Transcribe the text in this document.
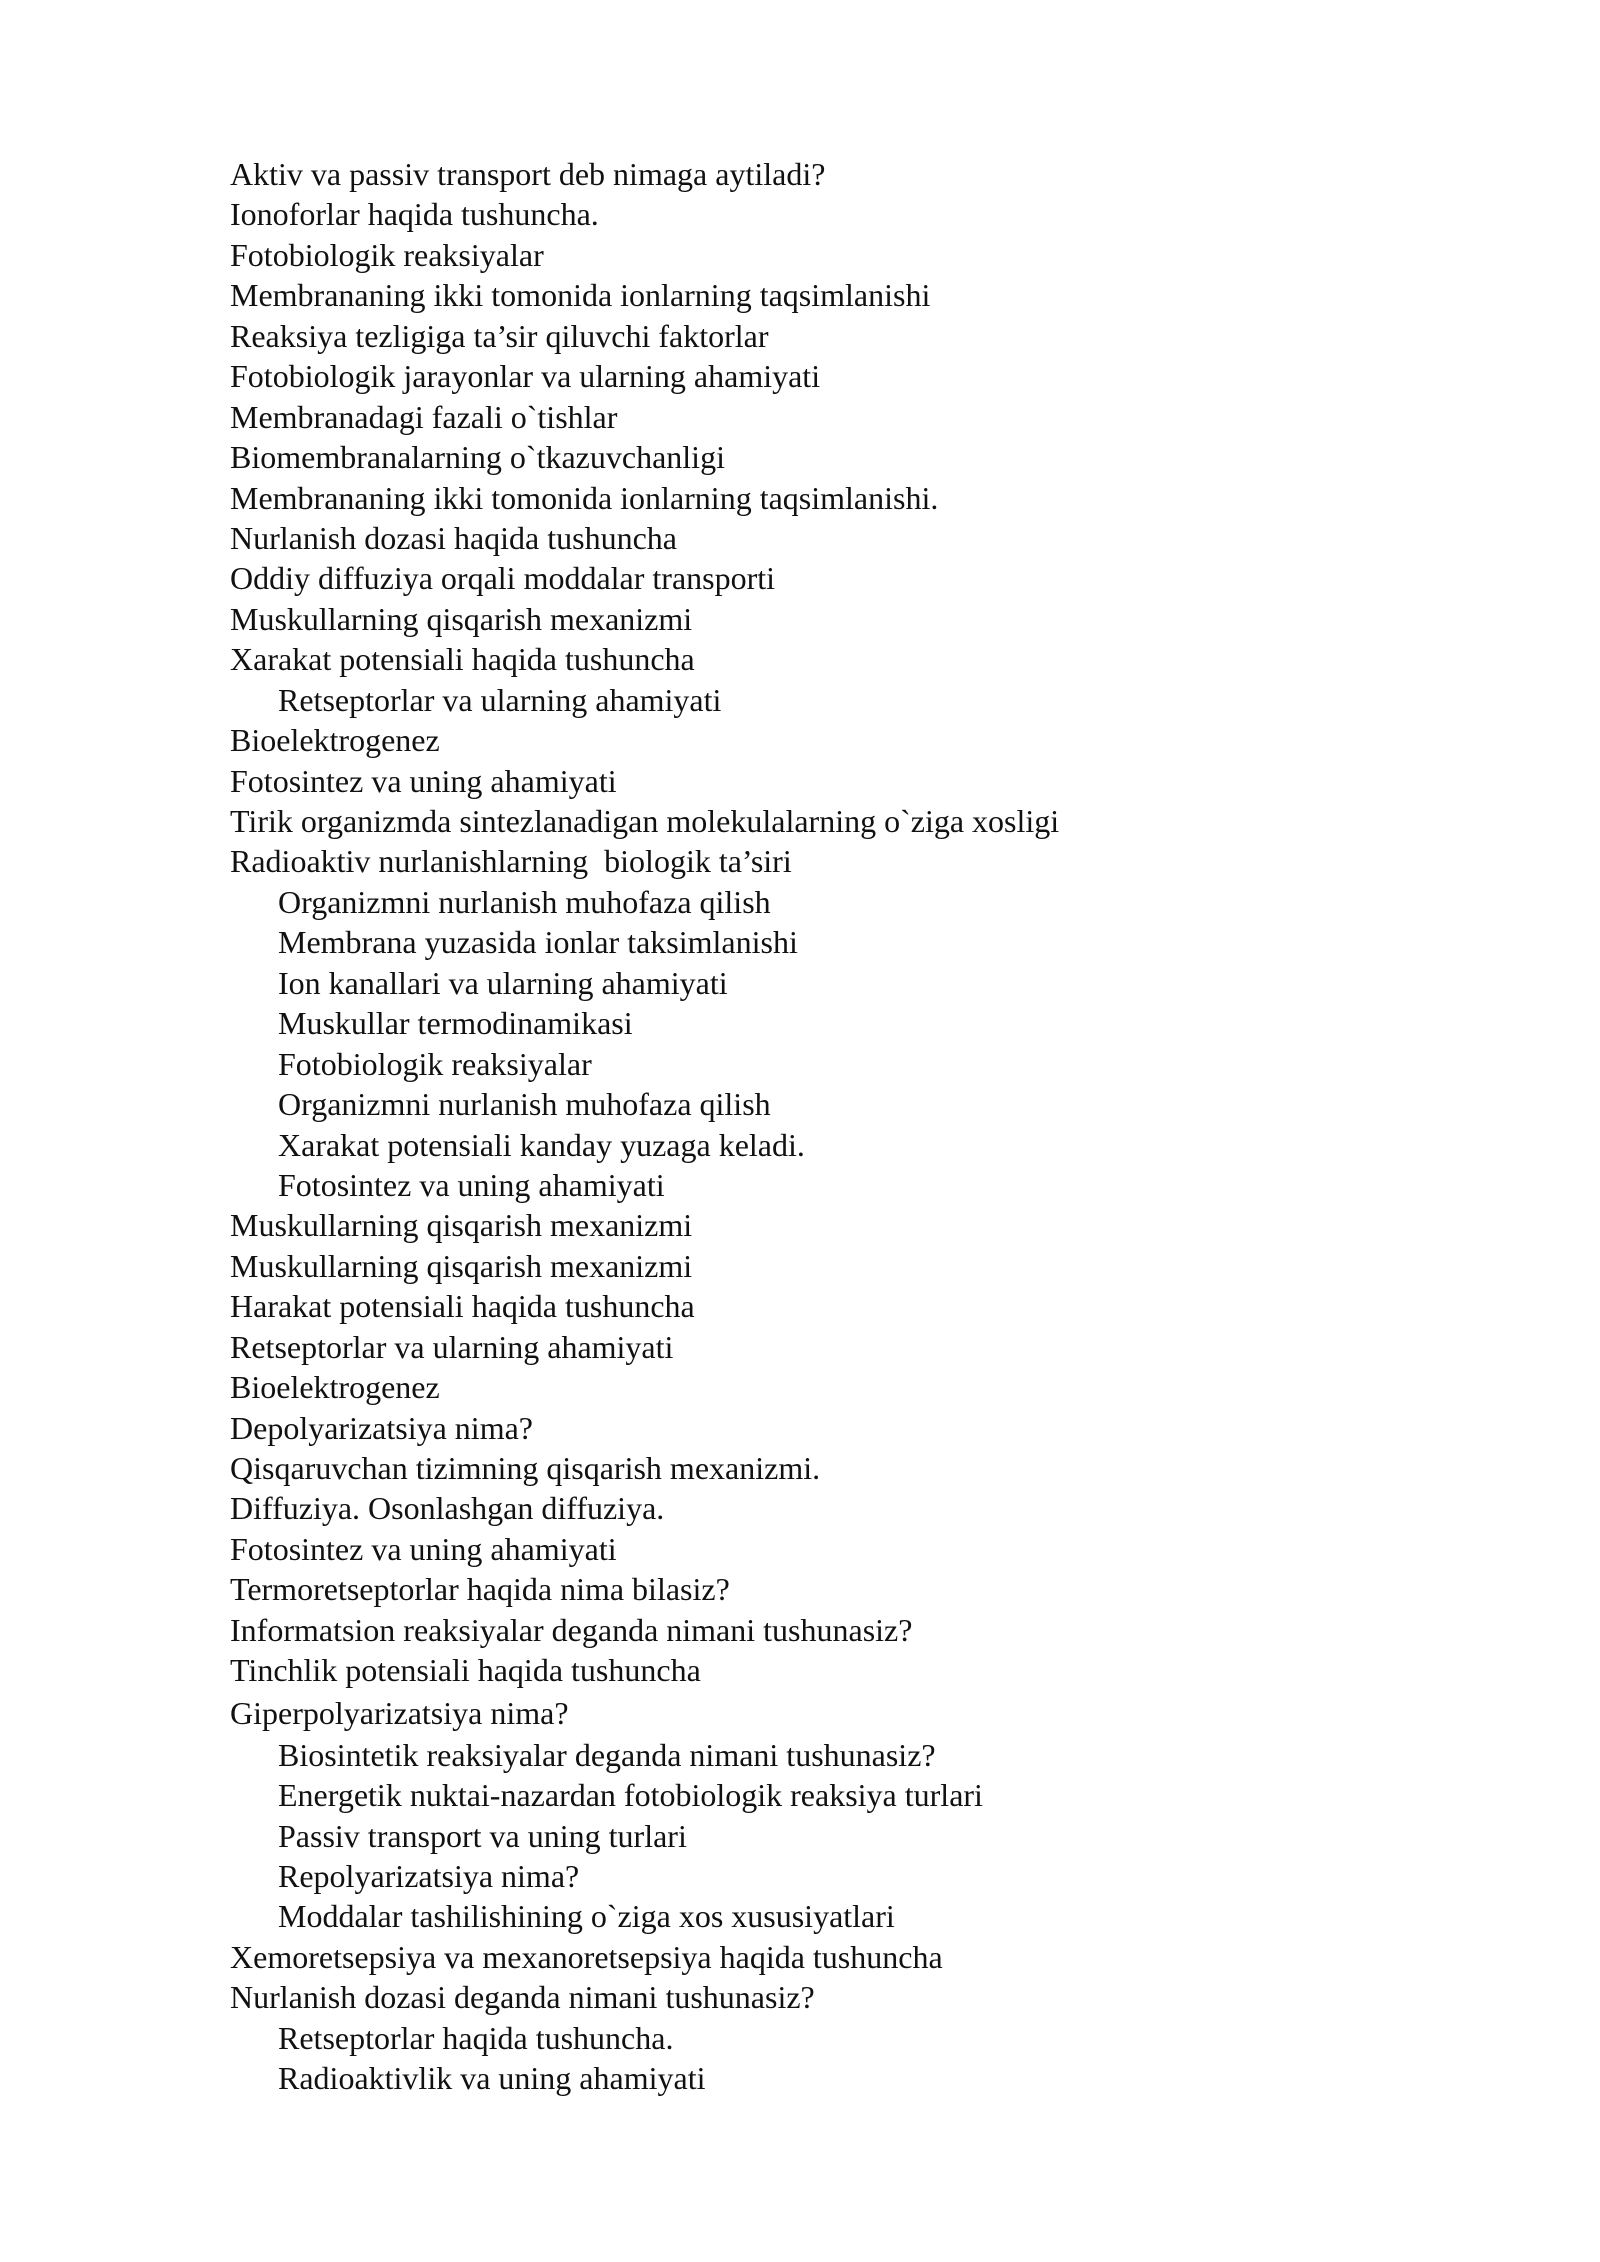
Aktiv va passiv transport deb nimaga aytiladi?
Ionoforlar haqida tushuncha.
Fotobiologik reaksiyalar
Membrananing ikki tomonida ionlarning taqsimlanishi
Reaksiya tezligiga ta’sir qiluvchi faktorlar
Fotobiologik jarayonlar va ularning ahamiyati
Membranadagi fazali o`tishlar
Biomembranalarning o`tkazuvchanligi
Membrananing ikki tomonida ionlarning taqsimlanishi.
Nurlanish dozasi haqida tushuncha
Oddiy diffuziya orqali moddalar transporti
Muskullarning qisqarish mexanizmi
Xarakat potensiali haqida tushuncha
Retseptorlar va ularning ahamiyati
Bioelektrogenez
Fotosintez va uning ahamiyati
Tirik organizmda sintezlanadigan molekulalarning o`ziga xosligi
Radioaktiv nurlanishlarning  biologik ta’siri
Organizmni nurlanish muhofaza qilish
Membrana yuzasida ionlar taksimlanishi
Ion kanallari va ularning ahamiyati
Muskullar termodinamikasi
Fotobiologik reaksiyalar
Organizmni nurlanish muhofaza qilish
Xarakat potensiali kanday yuzaga keladi.
Fotosintez va uning ahamiyati
Muskullarning qisqarish mexanizmi
Muskullarning qisqarish mexanizmi
Harakat potensiali haqida tushuncha
Retseptorlar va ularning ahamiyati
Bioelektrogenez
Depolyarizatsiya nima?
Qisqaruvchan tizimning qisqarish mexanizmi.
Diffuziya. Osonlashgan diffuziya.
Fotosintez va uning ahamiyati
Termoretseptorlar haqida nima bilasiz?
Informatsion reaksiyalar deganda nimani tushunasiz?
Tinchlik potensiali haqida tushuncha
Giperpolyarizatsiya nima?
Biosintetik reaksiyalar deganda nimani tushunasiz?
Energetik nuktai-nazardan fotobiologik reaksiya turlari
Passiv transport va uning turlari
Repolyarizatsiya nima?
Moddalar tashilishining o`ziga xos xususiyatlari
Xemoretsepsiya va mexanoretsepsiya haqida tushuncha
Nurlanish dozasi deganda nimani tushunasiz?
Retseptorlar haqida tushuncha.
Radioaktivlik va uning ahamiyati
